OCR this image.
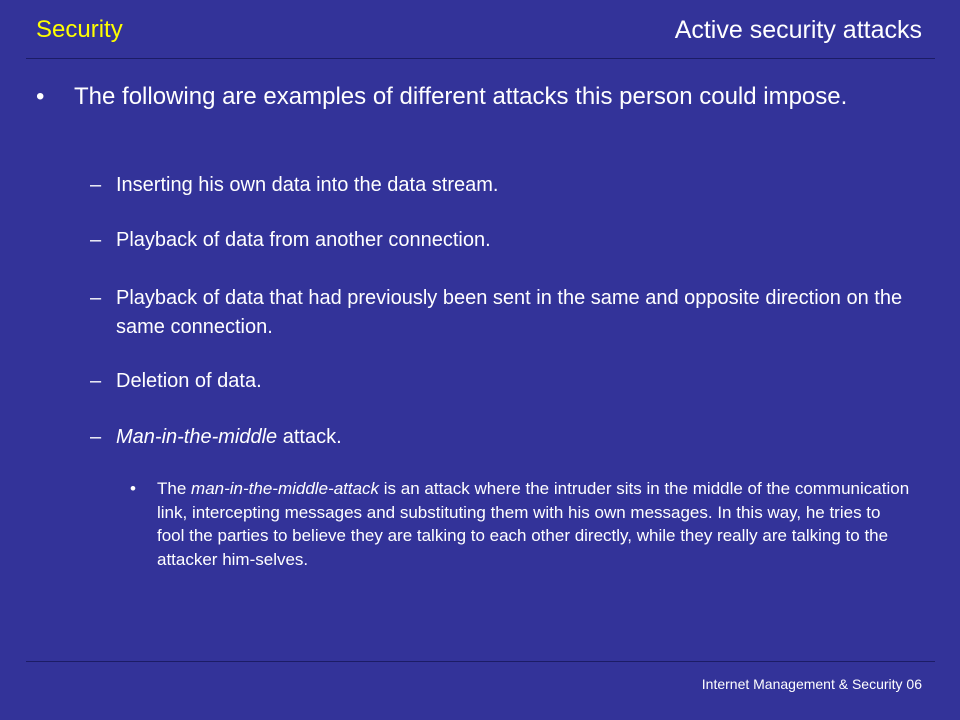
Security	Active security attacks
• The following are examples of different attacks this person could impose.
– Inserting his own data into the data stream.
– Playback of data from another connection.
– Playback of data that had previously been sent in the same and opposite direction on the same connection.
– Deletion of data.
– Man-in-the-middle attack.
• The man-in-the-middle-attack is an attack where the intruder sits in the middle of the communication link, intercepting messages and substituting them with his own messages. In this way, he tries to fool the parties to believe they are talking to each other directly, while they really are talking to the attacker him-selves.
Internet Management & Security 06
